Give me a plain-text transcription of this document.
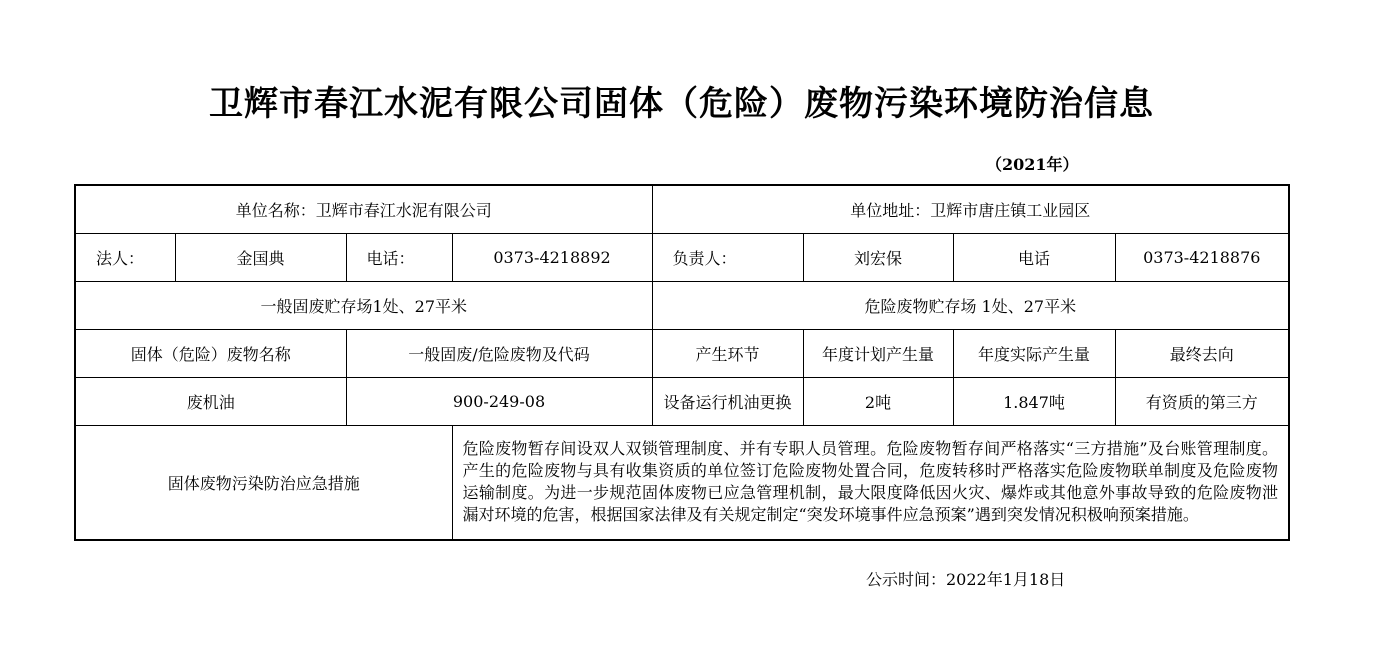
卫辉市春江水泥有限公司固体（危险）废物污染环境防治信息
（2021年）
单位名称：卫辉市春江水泥有限公司				单位地址：卫辉市唐庄镇工业园区			
法人：	金国典	电话：	0373-4218892	负责人：	刘宏保	电话	0373-4218876
一般固废贮存场1处、27平米				危险废物贮存场 1处、27平米			
固体（危险）废物名称		一般固废/危险废物及代码		产生环节	年度计划产生量	年度实际产生量	最终去向
废机油		900-249-08		设备运行机油更换	2吨	1.847吨	有资质的第三方
固体废物污染防治应急措施			危险废物暂存间设双人双锁管理制度、并有专职人员管理。危险废物暂存间严格落实“三方措施”及台账管理制度。产生的危险废物与具有收集资质的单位签订危险废物处置合同，危废转移时严格落实危险废物联单制度及危险废物运输制度。为进一步规范固体废物已应急管理机制，最大限度降低因火灾、爆炸或其他意外事故导致的危险废物泄漏对环境的危害，根据国家法律及有关规定制定“突发环境事件应急预案”遇到突发情况积极响预案措施。				
公示时间：2022年1月18日
